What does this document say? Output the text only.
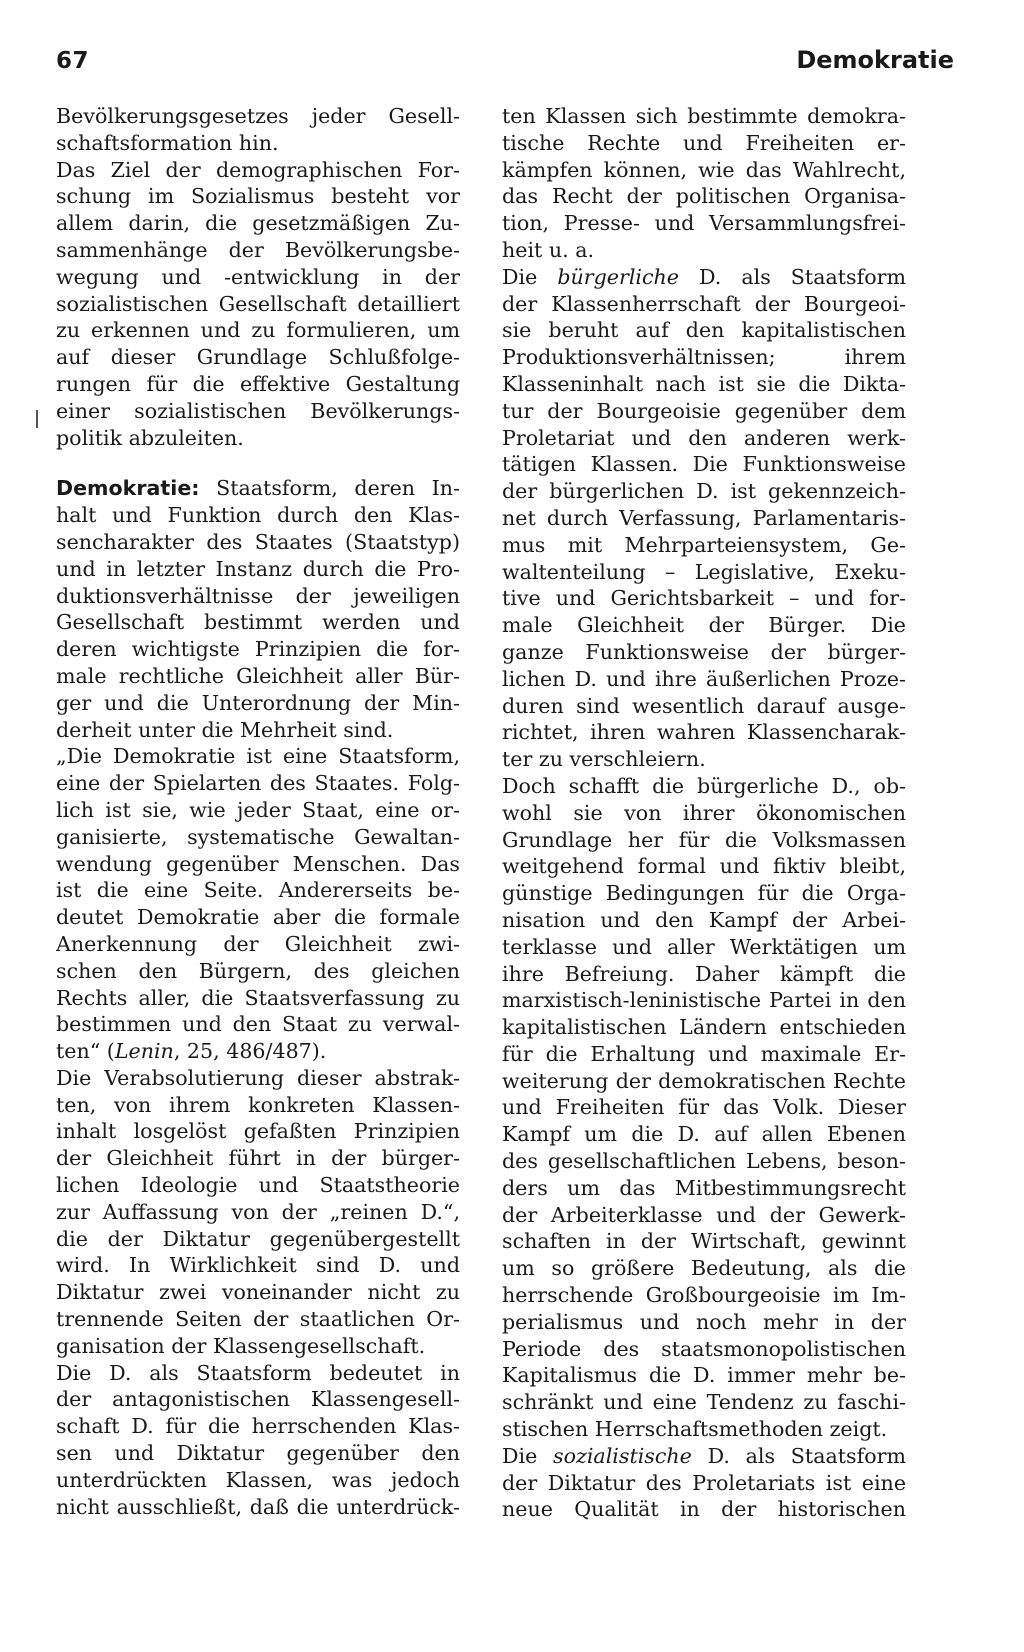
67	Demokratie
Bevölkerungsgesetzes jeder Gesell-
schaftsformation hin.
Das Ziel der demographischen For-
schung im Sozialismus besteht vor
allem darin, die gesetzmäßigen Zu-
sammenhänge der Bevölkerungsbe-
wegung und -entwicklung in der
sozialistischen Gesellschaft detailliert
zu erkennen und zu formulieren, um
auf dieser Grundlage Schlußfolge-
rungen für die effektive Gestaltung
einer sozialistischen Bevölkerungs-
politik abzuleiten.
Demokratie: Staatsform, deren In-
halt und Funktion durch den Klas-
sencharakter des Staates (Staatstyp)
und in letzter Instanz durch die Pro-
duktionsverhältnisse der jeweiligen
Gesellschaft bestimmt werden und
deren wichtigste Prinzipien die for-
male rechtliche Gleichheit aller Bür-
ger und die Unterordnung der Min-
derheit unter die Mehrheit sind.
„Die Demokratie ist eine Staatsform,
eine der Spielarten des Staates. Folg-
lich ist sie, wie jeder Staat, eine or-
ganisierte, systematische Gewaltan-
wendung gegenüber Menschen. Das
ist die eine Seite. Andererseits be-
deutet Demokratie aber die formale
Anerkennung der Gleichheit zwi-
schen den Bürgern, des gleichen
Rechts aller, die Staatsverfassung zu
bestimmen und den Staat zu verwal-
ten“ (Lenin, 25, 486/487).
Die Verabsolutierung dieser abstrak-
ten, von ihrem konkreten Klassen-
inhalt losgelöst gefaßten Prinzipien
der Gleichheit führt in der bürger-
lichen Ideologie und Staatstheorie
zur Auffassung von der „reinen D.“,
die der Diktatur gegenübergestellt
wird. In Wirklichkeit sind D. und
Diktatur zwei voneinander nicht zu
trennende Seiten der staatlichen Or-
ganisation der Klassengesellschaft.
Die D. als Staatsform bedeutet in
der antagonistischen Klassengesell-
schaft D. für die herrschenden Klas-
sen und Diktatur gegenüber den
unterdrückten Klassen, was jedoch
nicht ausschließt, daß die unterdrück-
ten Klassen sich bestimmte demokra-
tische Rechte und Freiheiten er-
kämpfen können, wie das Wahlrecht,
das Recht der politischen Organisa-
tion, Presse- und Versammlungsfrei-
heit u. a.
Die bürgerliche D. als Staatsform
der Klassenherrschaft der Bourgeoi-
sie beruht auf den kapitalistischen
Produktionsverhältnissen; ihrem
Klasseninhalt nach ist sie die Dikta-
tur der Bourgeoisie gegenüber dem
Proletariat und den anderen werk-
tätigen Klassen. Die Funktionsweise
der bürgerlichen D. ist gekennzeich-
net durch Verfassung, Parlamentaris-
mus mit Mehrparteiensystem, Ge-
waltenteilung – Legislative, Exeku-
tive und Gerichtsbarkeit – und for-
male Gleichheit der Bürger. Die
ganze Funktionsweise der bürger-
lichen D. und ihre äußerlichen Proze-
duren sind wesentlich darauf ausge-
richtet, ihren wahren Klassencharak-
ter zu verschleiern.
Doch schafft die bürgerliche D., ob-
wohl sie von ihrer ökonomischen
Grundlage her für die Volksmassen
weitgehend formal und fiktiv bleibt,
günstige Bedingungen für die Orga-
nisation und den Kampf der Arbei-
terklasse und aller Werktätigen um
ihre Befreiung. Daher kämpft die
marxistisch-leninistische Partei in den
kapitalistischen Ländern entschieden
für die Erhaltung und maximale Er-
weiterung der demokratischen Rechte
und Freiheiten für das Volk. Dieser
Kampf um die D. auf allen Ebenen
des gesellschaftlichen Lebens, beson-
ders um das Mitbestimmungsrecht
der Arbeiterklasse und der Gewerk-
schaften in der Wirtschaft, gewinnt
um so größere Bedeutung, als die
herrschende Großbourgeoisie im Im-
perialismus und noch mehr in der
Periode des staatsmonopolistischen
Kapitalismus die D. immer mehr be-
schränkt und eine Tendenz zu faschi-
stischen Herrschaftsmethoden zeigt.
Die sozialistische D. als Staatsform
der Diktatur des Proletariats ist eine
neue Qualität in der historischen
